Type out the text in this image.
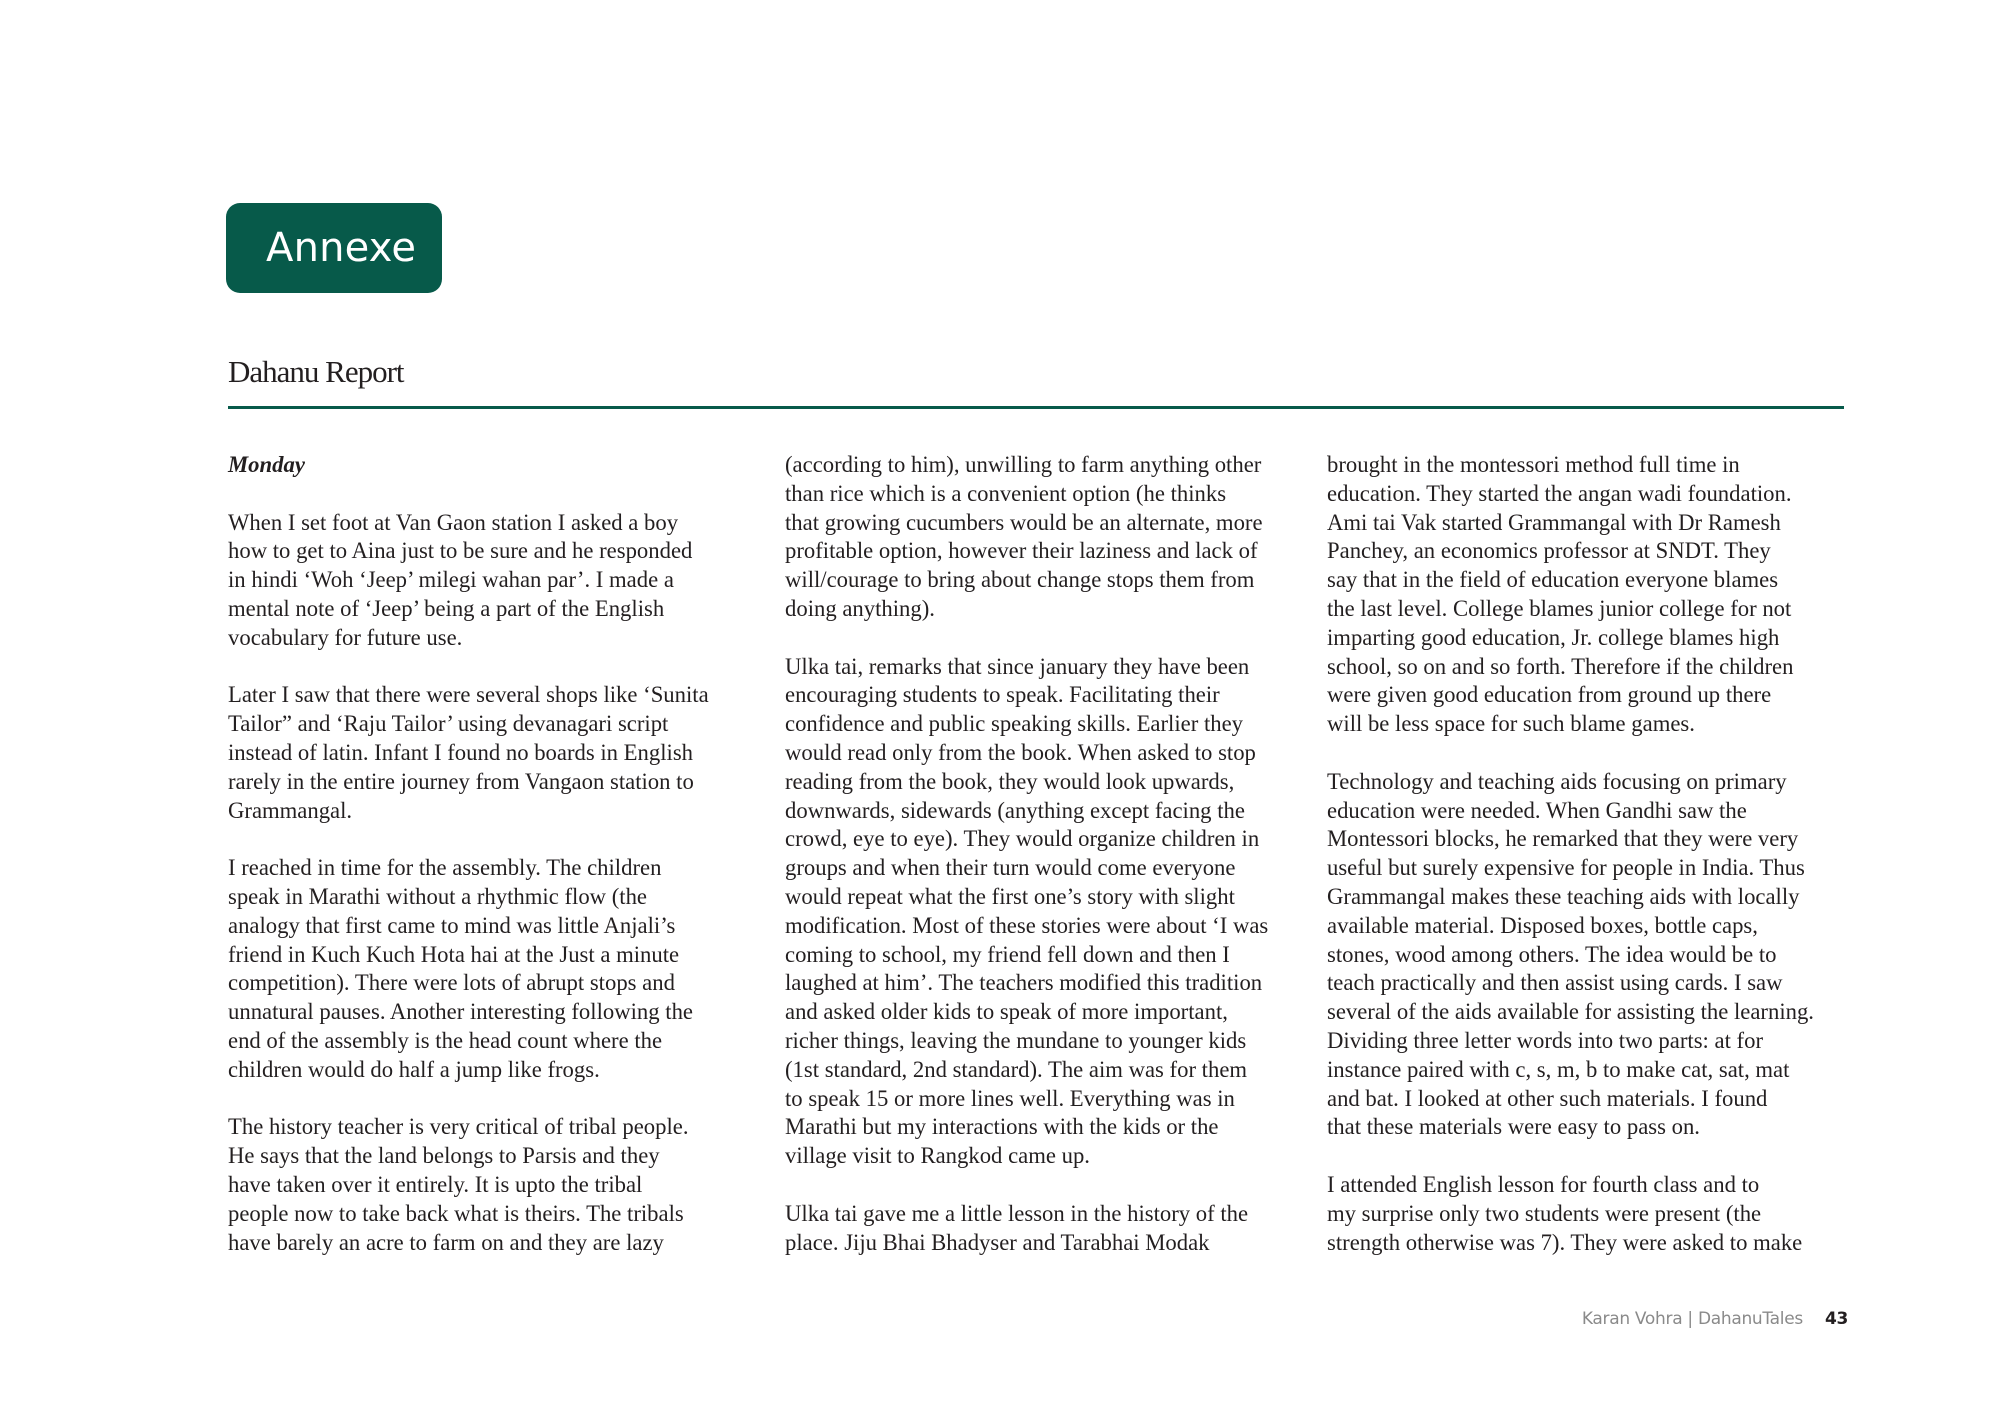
Annexe
Dahanu Report

Monday

When I set foot at Van Gaon station I asked a boy
how to get to Aina just to be sure and he responded
in hindi ‘Woh ‘Jeep’ milegi wahan par’. I made a
mental note of ‘Jeep’ being a part of the English
vocabulary for future use.

Later I saw that there were several shops like ‘Sunita
Tailor” and ‘Raju Tailor’ using devanagari script
instead of latin. Infant I found no boards in English
rarely in the entire journey from Vangaon station to
Grammangal.

I reached in time for the assembly. The children
speak in Marathi without a rhythmic flow (the
analogy that first came to mind was little Anjali’s
friend in Kuch Kuch Hota hai at the Just a minute
competition). There were lots of abrupt stops and
unnatural pauses. Another interesting following the
end of the assembly is the head count where the
children would do half a jump like frogs.

The history teacher is very critical of tribal people.
He says that the land belongs to Parsis and they
have taken over it entirely. It is upto the tribal
people now to take back what is theirs. The tribals
have barely an acre to farm on and they are lazy

(according to him), unwilling to farm anything other
than rice which is a convenient option (he thinks
that growing cucumbers would be an alternate, more
profitable option, however their laziness and lack of
will/courage to bring about change stops them from
doing anything).

Ulka tai, remarks that since january they have been
encouraging students to speak. Facilitating their
confidence and public speaking skills. Earlier they
would read only from the book. When asked to stop
reading from the book, they would look upwards,
downwards, sidewards (anything except facing the
crowd, eye to eye). They would organize children in
groups and when their turn would come everyone
would repeat what the first one’s story with slight
modification. Most of these stories were about ‘I was
coming to school, my friend fell down and then I
laughed at him’. The teachers modified this tradition
and asked older kids to speak of more important,
richer things, leaving the mundane to younger kids
(1st standard, 2nd standard). The aim was for them
to speak 15 or more lines well. Everything was in
Marathi but my interactions with the kids or the
village visit to Rangkod came up.

Ulka tai gave me a little lesson in the history of the
place. Jiju Bhai Bhadyser and Tarabhai Modak

brought in the montessori method full time in
education. They started the angan wadi foundation.
Ami tai Vak started Grammangal with Dr Ramesh
Panchey, an economics professor at SNDT. They
say that in the field of education everyone blames
the last level. College blames junior college for not
imparting good education, Jr. college blames high
school, so on and so forth. Therefore if the children
were given good education from ground up there
will be less space for such blame games.

Technology and teaching aids focusing on primary
education were needed. When Gandhi saw the
Montessori blocks, he remarked that they were very
useful but surely expensive for people in India. Thus
Grammangal makes these teaching aids with locally
available material. Disposed boxes, bottle caps,
stones, wood among others. The idea would be to
teach practically and then assist using cards. I saw
several of the aids available for assisting the learning.
Dividing three letter words into two parts: at for
instance paired with c, s, m, b to make cat, sat, mat
and bat. I looked at other such materials. I found
that these materials were easy to pass on.

I attended English lesson for fourth class and to
my surprise only two students were present (the
strength otherwise was 7). They were asked to make

Karan Vohra | DahanuTales 43
